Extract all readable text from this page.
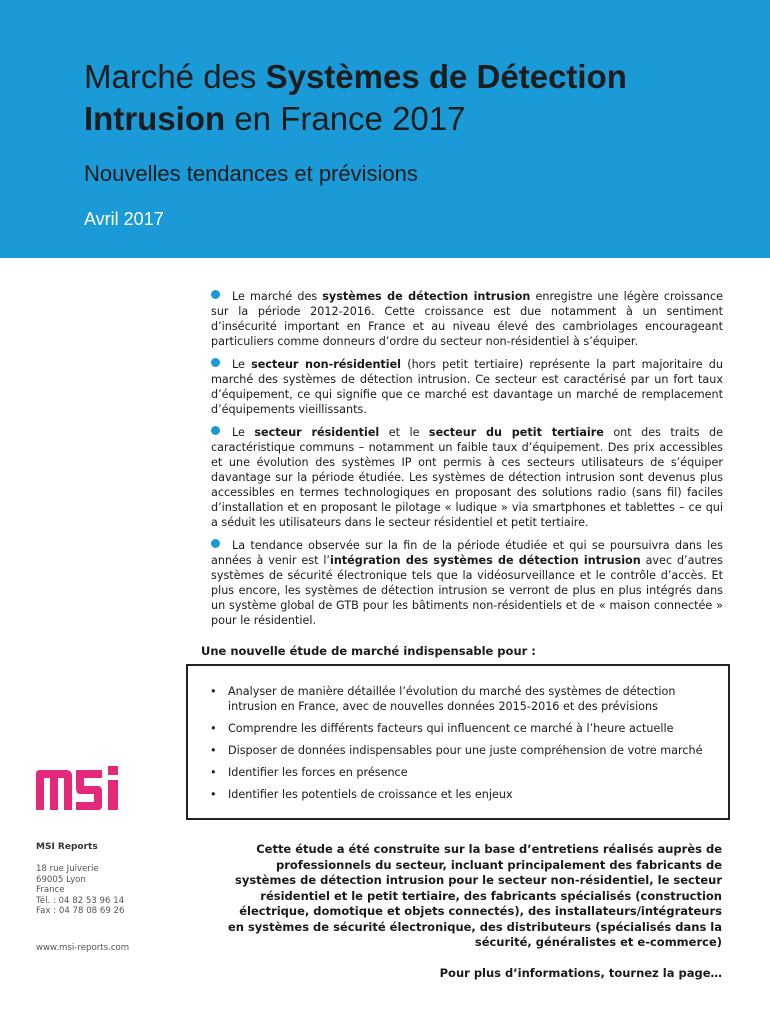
Marché des Systèmes de Détection
Intrusion en France 2017
Nouvelles tendances et prévisions
Avril 2017

Le marché des systèmes de détection intrusion enregistre une légère croissance sur la période 2012-2016. Cette croissance est due notamment à un sentiment d’insécurité important en France et au niveau élevé des cambriolages encourageant particuliers comme donneurs d’ordre du secteur non-résidentiel à s’équiper.

Le secteur non-résidentiel (hors petit tertiaire) représente la part majoritaire du marché des systèmes de détection intrusion. Ce secteur est caractérisé par un fort taux d’équipement, ce qui signifie que ce marché est davantage un marché de remplacement d’équipements vieillissants.

Le secteur résidentiel et le secteur du petit tertiaire ont des traits de caractéristique communs – notamment un faible taux d’équipement. Des prix accessibles et une évolution des systèmes IP ont permis à ces secteurs utilisateurs de s’équiper davantage sur la période étudiée. Les systèmes de détection intrusion sont devenus plus accessibles en termes technologiques en proposant des solutions radio (sans fil) faciles d’installation et en proposant le pilotage « ludique » via smartphones et tablettes – ce qui a séduit les utilisateurs dans le secteur résidentiel et petit tertiaire.

La tendance observée sur la fin de la période étudiée et qui se poursuivra dans les années à venir est l’intégration des systèmes de détection intrusion avec d’autres systèmes de sécurité électronique tels que la vidéosurveillance et le contrôle d’accès. Et plus encore, les systèmes de détection intrusion se verront de plus en plus intégrés dans un système global de GTB pour les bâtiments non-résidentiels et de « maison connectée » pour le résidentiel.

Une nouvelle étude de marché indispensable pour :
• Analyser de manière détaillée l’évolution du marché des systèmes de détection intrusion en France, avec de nouvelles données 2015-2016 et des prévisions
• Comprendre les différents facteurs qui influencent ce marché à l’heure actuelle
• Disposer de données indispensables pour une juste compréhension de votre marché
• Identifier les forces en présence
• Identifier les potentiels de croissance et les enjeux
MSI Reports
18 rue Juiverie
69005 Lyon
France
Tél. : 04 82 53 96 14
Fax : 04 78 08 69 26
www.msi-reports.com
Cette étude a été construite sur la base d’entretiens réalisés auprès de professionnels du secteur, incluant principalement des fabricants de systèmes de détection intrusion pour le secteur non-résidentiel, le secteur résidentiel et le petit tertiaire, des fabricants spécialisés (construction électrique, domotique et objets connectés), des installateurs/intégrateurs en systèmes de sécurité électronique, des distributeurs (spécialisés dans la sécurité, généralistes et e-commerce)
Pour plus d’informations, tournez la page…
